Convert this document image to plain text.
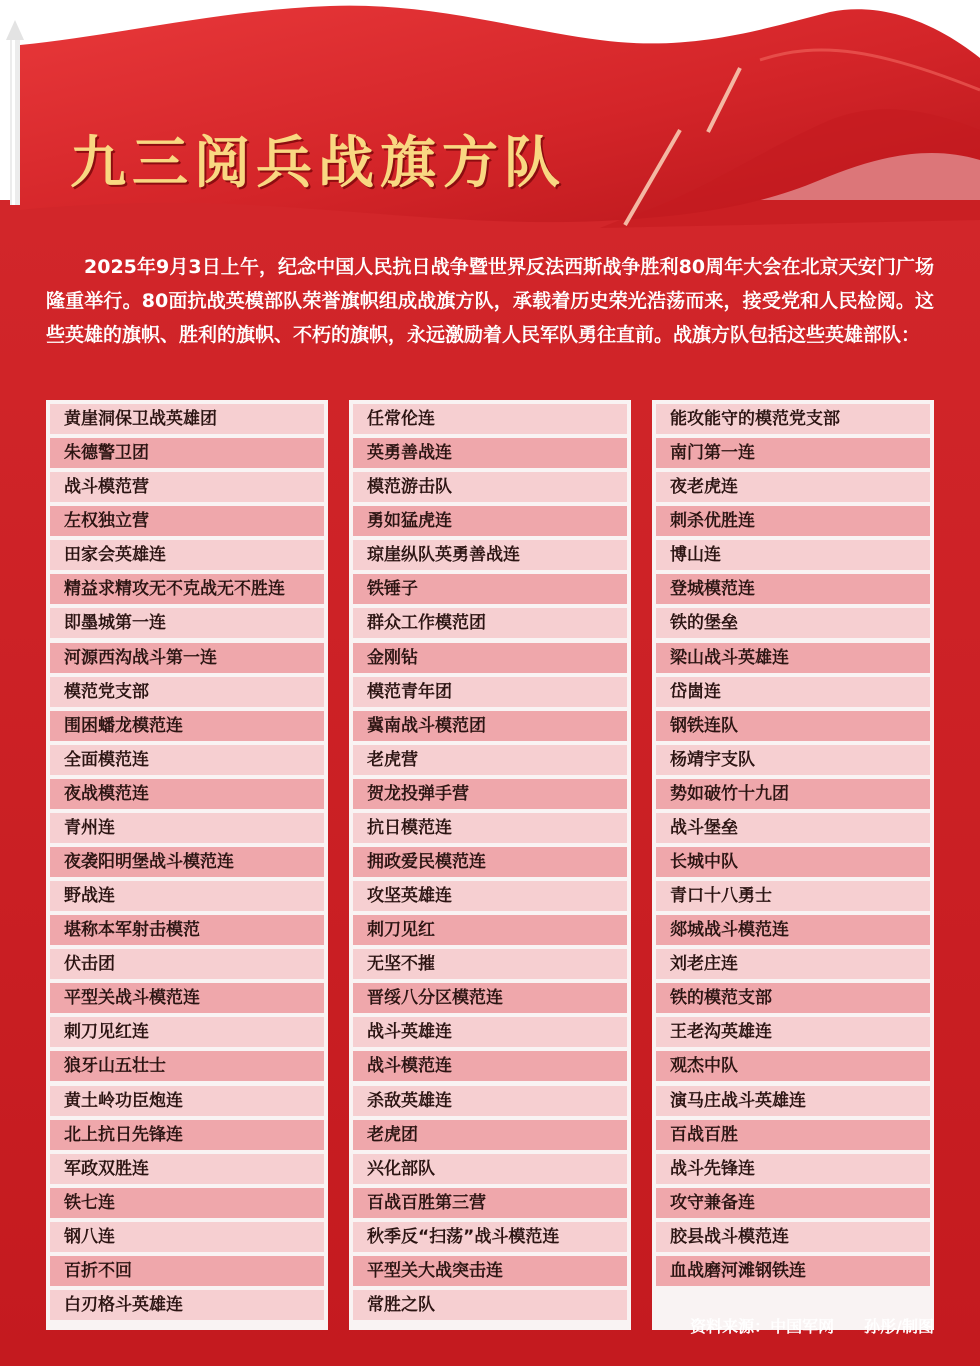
九三阅兵战旗方队

2025年9月3日上午，纪念中国人民抗日战争暨世界反法西斯战争胜利80周年大会在北京天安门广场隆重举行。80面抗战英模部队荣誉旗帜组成战旗方队，承载着历史荣光浩荡而来，接受党和人民检阅。这些英雄的旗帜、胜利的旗帜、不朽的旗帜，永远激励着人民军队勇往直前。战旗方队包括这些英雄部队：

黄崖洞保卫战英雄团
朱德警卫团
战斗模范营
左权独立营
田家会英雄连
精益求精攻无不克战无不胜连
即墨城第一连
河源西沟战斗第一连
模范党支部
围困蟠龙模范连
全面模范连
夜战模范连
青州连
夜袭阳明堡战斗模范连
野战连
堪称本军射击模范
伏击团
平型关战斗模范连
刺刀见红连
狼牙山五壮士
黄土岭功臣炮连
北上抗日先锋连
军政双胜连
铁七连
钢八连
百折不回
白刃格斗英雄连
任常伦连
英勇善战连
模范游击队
勇如猛虎连
琼崖纵队英勇善战连
铁锤子
群众工作模范团
金刚钻
模范青年团
冀南战斗模范团
老虎营
贺龙投弹手营
抗日模范连
拥政爱民模范连
攻坚英雄连
刺刀见红
无坚不摧
晋绥八分区模范连
战斗英雄连
战斗模范连
杀敌英雄连
老虎团
兴化部队
百战百胜第三营
秋季反“扫荡”战斗模范连
平型关大战突击连
常胜之队
能攻能守的模范党支部
南门第一连
夜老虎连
刺杀优胜连
博山连
登城模范连
铁的堡垒
梁山战斗英雄连
岱崮连
钢铁连队
杨靖宇支队
势如破竹十九团
战斗堡垒
长城中队
青口十八勇士
郯城战斗模范连
刘老庄连
铁的模范支部
王老沟英雄连
观杰中队
演马庄战斗英雄连
百战百胜
战斗先锋连
攻守兼备连
胶县战斗模范连
血战磨河滩钢铁连

资料来源：中国军网 孙彤/制图
